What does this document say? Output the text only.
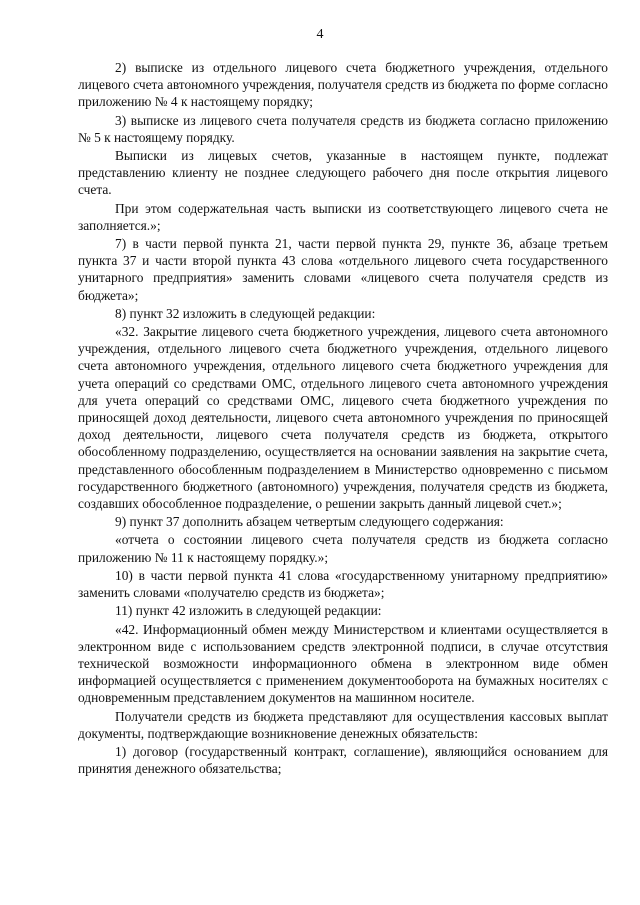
4

2) выписке из отдельного лицевого счета бюджетного учреждения, отдельного лицевого счета автономного учреждения, получателя средств из бюджета по форме согласно приложению № 4 к настоящему порядку;

3) выписке из лицевого счета получателя средств из бюджета согласно приложению № 5 к настоящему порядку.

Выписки из лицевых счетов, указанные в настоящем пункте, подлежат представлению клиенту не позднее следующего рабочего дня после открытия лицевого счета.

При этом содержательная часть выписки из соответствующего лицевого счета не заполняется.»;

7) в части первой пункта 21, части первой пункта 29, пункте 36, абзаце третьем пункта 37 и части второй пункта 43 слова «отдельного лицевого счета государственного унитарного предприятия» заменить словами «лицевого счета получателя средств из бюджета»;

8) пункт 32 изложить в следующей редакции:

«32. Закрытие лицевого счета бюджетного учреждения, лицевого счета автономного учреждения, отдельного лицевого счета бюджетного учреждения, отдельного лицевого счета автономного учреждения, отдельного лицевого счета бюджетного учреждения для учета операций со средствами ОМС, отдельного лицевого счета автономного учреждения для учета операций со средствами ОМС, лицевого счета бюджетного учреждения по приносящей доход деятельности, лицевого счета автономного учреждения по приносящей доход деятельности, лицевого счета получателя средств из бюджета, открытого обособленному подразделению, осуществляется на основании заявления на закрытие счета, представленного обособленным подразделением в Министерство одновременно с письмом государственного бюджетного (автономного) учреждения, получателя средств из бюджета, создавших обособленное подразделение, о решении закрыть данный лицевой счет.»;

9) пункт 37 дополнить абзацем четвертым следующего содержания:

«отчета о состоянии лицевого счета получателя средств из бюджета согласно приложению № 11 к настоящему порядку.»;

10) в части первой пункта 41 слова «государственному унитарному предприятию» заменить словами «получателю средств из бюджета»;

11) пункт 42 изложить в следующей редакции:

«42. Информационный обмен между Министерством и клиентами осуществляется в электронном виде с использованием средств электронной подписи, в случае отсутствия технической возможности информационного обмена в электронном виде обмен информацией осуществляется с применением документооборота на бумажных носителях с одновременным представлением документов на машинном носителе.

Получатели средств из бюджета представляют для осуществления кассовых выплат документы, подтверждающие возникновение денежных обязательств:

1) договор (государственный контракт, соглашение), являющийся основанием для принятия денежного обязательства;
